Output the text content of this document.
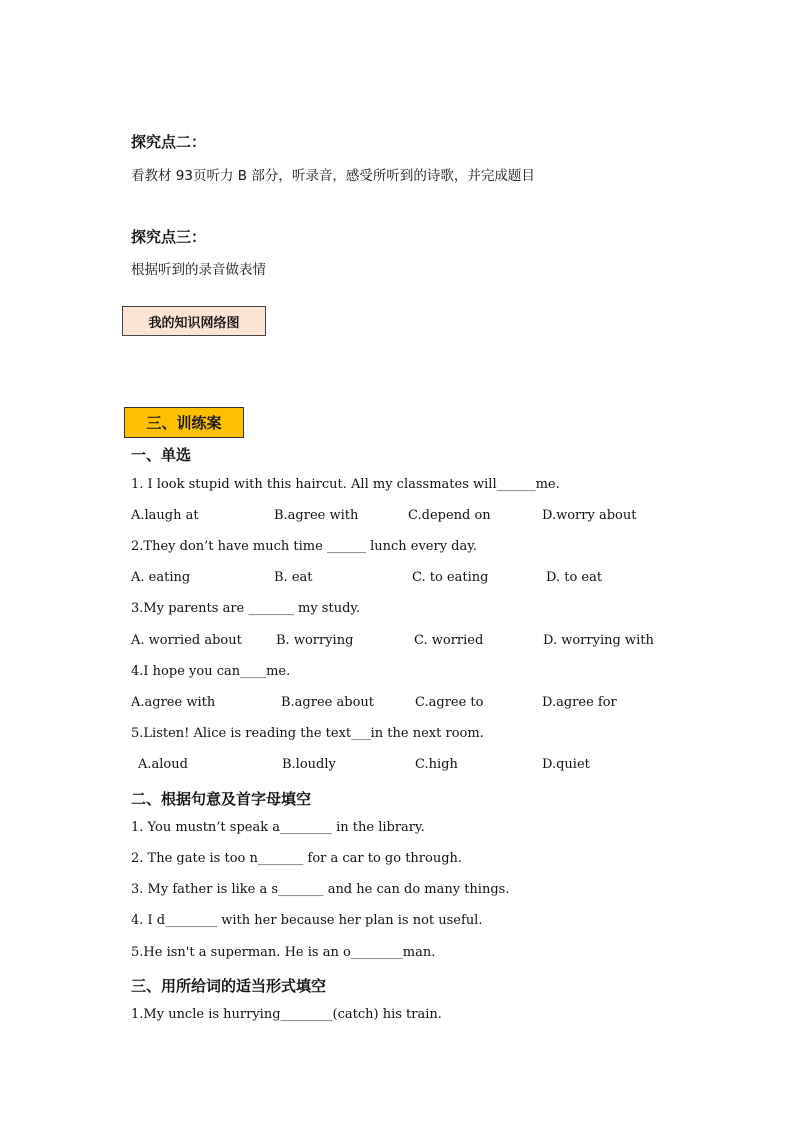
探究点二：
看教材 93页听力 B 部分，听录音，感受所听到的诗歌，并完成题目
探究点三：
根据听到的录音做表情
我的知识网络图
三、训练案
一、单选
1. I look stupid with this haircut. All my classmates will______me.
A.laugh at	B.agree with	C.depend on	D.worry about
2.They don’t have much time ______ lunch every day.
A. eating	B. eat	C. to eating	D. to eat
3.My parents are _______ my study.
A. worried about	B. worrying	C. worried	D. worrying with
4.I hope you can____me.
A.agree with	B.agree about	C.agree to	D.agree for
5.Listen! Alice is reading the text___in the next room.
A.aloud	B.loudly	C.high	D.quiet
二、根据句意及首字母填空
1. You mustn’t speak a________ in the library.
2. The gate is too n_______ for a car to go through.
3. My father is like a s_______ and he can do many things.
4. I d________ with her because her plan is not useful.
5.He isn't a superman. He is an o________man.
三、用所给词的适当形式填空
1.My uncle is hurrying________(catch) his train.
